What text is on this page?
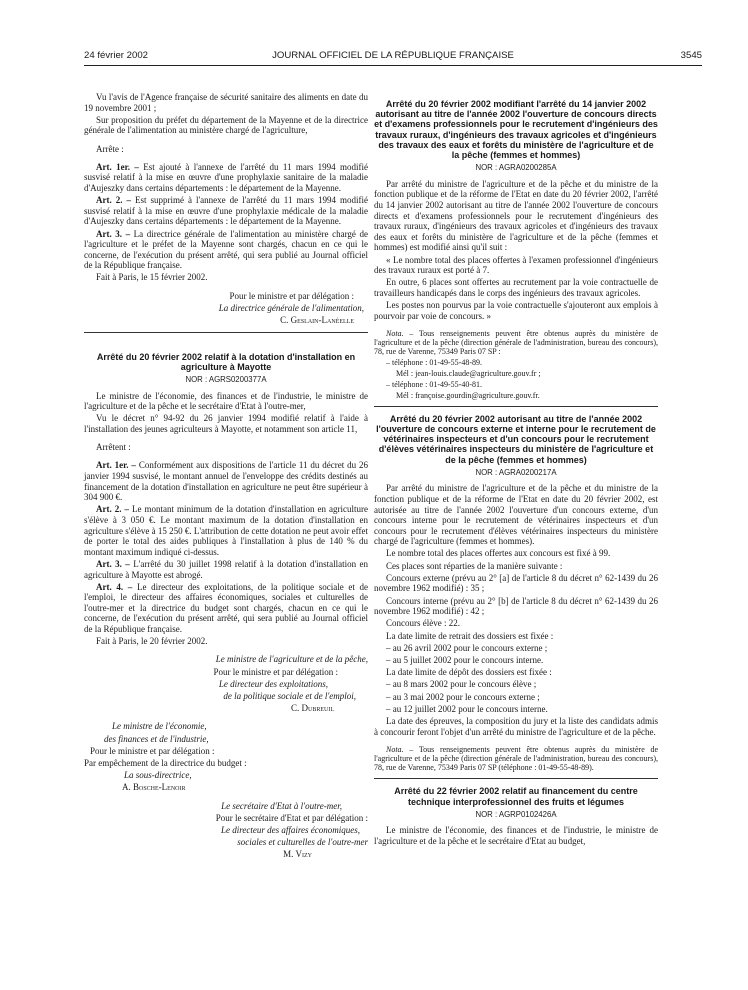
24 février 2002	JOURNAL OFFICIEL DE LA RÉPUBLIQUE FRANÇAISE	3545

Vu l'avis de l'Agence française de sécurité sanitaire des aliments en date du 19 novembre 2001 ;

Sur proposition du préfet du département de la Mayenne et de la directrice générale de l'alimentation au ministère chargé de l'agriculture,

Arrête :

Art. 1er. – Est ajouté à l'annexe de l'arrêté du 11 mars 1994 modifié susvisé relatif à la mise en œuvre d'une prophylaxie sanitaire de la maladie d'Aujeszky dans certains départements : le département de la Mayenne.

Art. 2. – Est supprimé à l'annexe de l'arrêté du 11 mars 1994 modifié susvisé relatif à la mise en œuvre d'une prophylaxie médicale de la maladie d'Aujeszky dans certains départements : le département de la Mayenne.

Art. 3. – La directrice générale de l'alimentation au ministère chargé de l'agriculture et le préfet de la Mayenne sont chargés, chacun en ce qui le concerne, de l'exécution du présent arrêté, qui sera publié au Journal officiel de la République française.

Fait à Paris, le 15 février 2002.

Pour le ministre et par délégation :

La directrice générale de l'alimentation,

C. Geslain-Lanéelle

Arrêté du 20 février 2002 relatif à la dotation d'installation en agriculture à Mayotte

NOR : AGRS0200377A

Le ministre de l'économie, des finances et de l'industrie, le ministre de l'agriculture et de la pêche et le secrétaire d'Etat à l'outre-mer,

Vu le décret n° 94-92 du 26 janvier 1994 modifié relatif à l'aide à l'installation des jeunes agriculteurs à Mayotte, et notamment son article 11,

Arrêtent :

Art. 1er. – Conformément aux dispositions de l'article 11 du décret du 26 janvier 1994 susvisé, le montant annuel de l'enveloppe des crédits destinés au financement de la dotation d'installation en agriculture ne peut être supérieur à 304 900 €.

Art. 2. – Le montant minimum de la dotation d'installation en agriculture s'élève à 3 050 €. Le montant maximum de la dotation d'installation en agriculture s'élève à 15 250 €. L'attribution de cette dotation ne peut avoir effet de porter le total des aides publiques à l'installation à plus de 140 % du montant maximum indiqué ci-dessus.

Art. 3. – L'arrêté du 30 juillet 1998 relatif à la dotation d'installation en agriculture à Mayotte est abrogé.

Art. 4. – Le directeur des exploitations, de la politique sociale et de l'emploi, le directeur des affaires économiques, sociales et culturelles de l'outre-mer et la directrice du budget sont chargés, chacun en ce qui le concerne, de l'exécution du présent arrêté, qui sera publié au Journal officiel de la République française.

Fait à Paris, le 20 février 2002.

Le ministre de l'agriculture et de la pêche,

Pour le ministre et par délégation :

Le directeur des exploitations,

de la politique sociale et de l'emploi,

C. Dubreuil

Le ministre de l'économie,

des finances et de l'industrie,

Pour le ministre et par délégation :

Par empêchement de la directrice du budget :

La sous-directrice,

A. Bosche-Lenoir

Le secrétaire d'Etat à l'outre-mer,

Pour le secrétaire d'Etat et par délégation :

Le directeur des affaires économiques,

sociales et culturelles de l'outre-mer

M. Vizy

Arrêté du 20 février 2002 modifiant l'arrêté du 14 janvier 2002 autorisant au titre de l'année 2002 l'ouverture de concours directs et d'examens professionnels pour le recrutement d'ingénieurs des travaux ruraux, d'ingénieurs des travaux agricoles et d'ingénieurs des travaux des eaux et forêts du ministère de l'agriculture et de la pêche (femmes et hommes)

NOR : AGRA0200285A

Par arrêté du ministre de l'agriculture et de la pêche et du ministre de la fonction publique et de la réforme de l'Etat en date du 20 février 2002, l'arrêté du 14 janvier 2002 autorisant au titre de l'année 2002 l'ouverture de concours directs et d'examens professionnels pour le recrutement d'ingénieurs des travaux ruraux, d'ingénieurs des travaux agricoles et d'ingénieurs des travaux des eaux et forêts du ministère de l'agriculture et de la pêche (femmes et hommes) est modifié ainsi qu'il suit :

« Le nombre total des places offertes à l'examen professionnel d'ingénieurs des travaux ruraux est porté à 7.

En outre, 6 places sont offertes au recrutement par la voie contractuelle de travailleurs handicapés dans le corps des ingénieurs des travaux agricoles.

Les postes non pourvus par la voie contractuelle s'ajouteront aux emplois à pourvoir par voie de concours. »

Nota. – Tous renseignements peuvent être obtenus auprès du ministère de l'agriculture et de la pêche (direction générale de l'administration, bureau des concours), 78, rue de Varenne, 75349 Paris 07 SP :

– téléphone : 01-49-55-48-89.

Mél : jean-louis.claude@agriculture.gouv.fr ;

– téléphone : 01-49-55-40-81.

Mél : françoise.gourdin@agriculture.gouv.fr.

Arrêté du 20 février 2002 autorisant au titre de l'année 2002 l'ouverture de concours externe et interne pour le recrutement de vétérinaires inspecteurs et d'un concours pour le recrutement d'élèves vétérinaires inspecteurs du ministère de l'agriculture et de la pêche (femmes et hommes)

NOR : AGRA0200217A

Par arrêté du ministre de l'agriculture et de la pêche et du ministre de la fonction publique et de la réforme de l'Etat en date du 20 février 2002, est autorisée au titre de l'année 2002 l'ouverture d'un concours externe, d'un concours interne pour le recrutement de vétérinaires inspecteurs et d'un concours pour le recrutement d'élèves vétérinaires inspecteurs du ministère chargé de l'agriculture (femmes et hommes).

Le nombre total des places offertes aux concours est fixé à 99.

Ces places sont réparties de la manière suivante :

Concours externe (prévu au 2° [a] de l'article 8 du décret n° 62-1439 du 26 novembre 1962 modifié) : 35 ;

Concours interne (prévu au 2° [b] de l'article 8 du décret n° 62-1439 du 26 novembre 1962 modifié) : 42 ;

Concours élève : 22.

La date limite de retrait des dossiers est fixée :

– au 26 avril 2002 pour le concours externe ;

– au 5 juillet 2002 pour le concours interne.

La date limite de dépôt des dossiers est fixée :

– au 8 mars 2002 pour le concours élève ;

– au 3 mai 2002 pour le concours externe ;

– au 12 juillet 2002 pour le concours interne.

La date des épreuves, la composition du jury et la liste des candidats admis à concourir feront l'objet d'un arrêté du ministre de l'agriculture et de la pêche.

Nota. – Tous renseignements peuvent être obtenus auprès du ministère de l'agriculture et de la pêche (direction générale de l'administration, bureau des concours), 78, rue de Varenne, 75349 Paris 07 SP (téléphone : 01-49-55-48-89).

Arrêté du 22 février 2002 relatif au financement du centre technique interprofessionnel des fruits et légumes

NOR : AGRP0102426A

Le ministre de l'économie, des finances et de l'industrie, le ministre de l'agriculture et de la pêche et le secrétaire d'Etat au budget,
